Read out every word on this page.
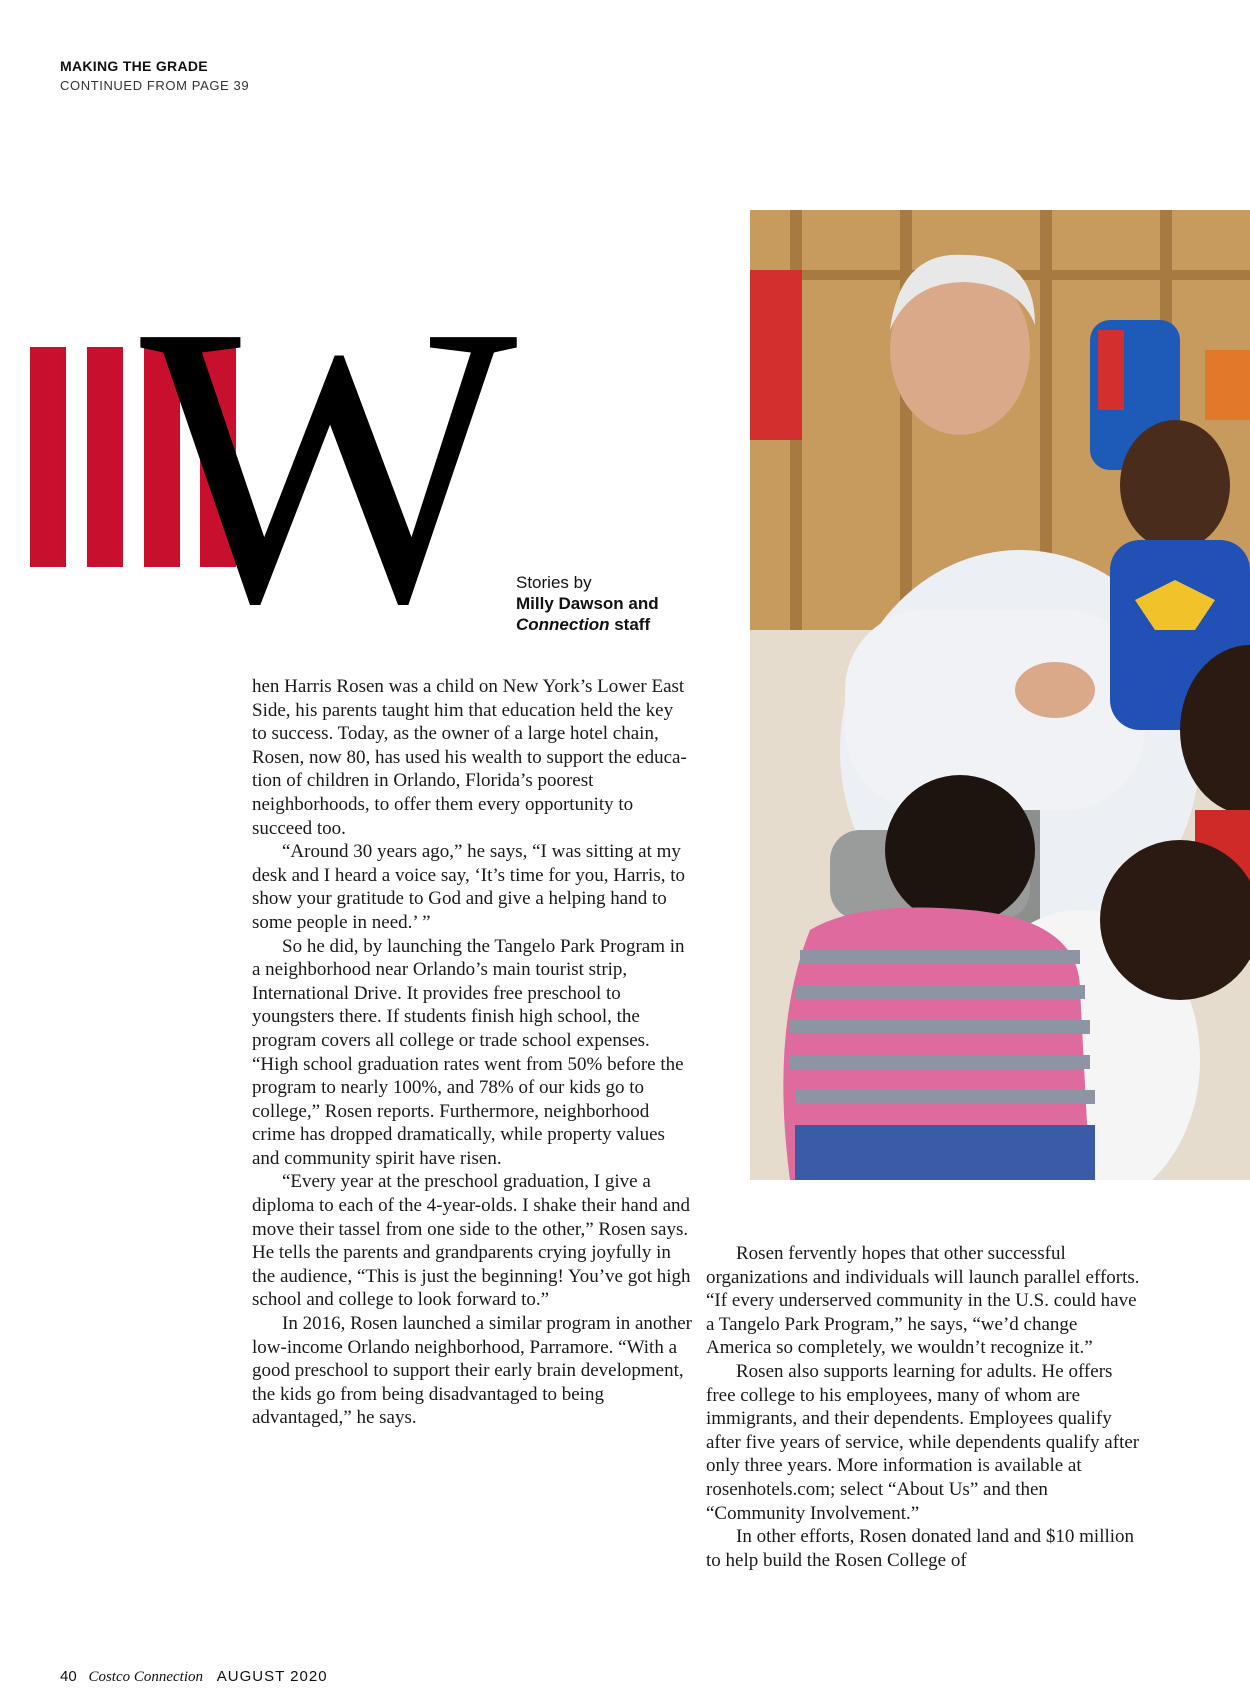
MAKING THE GRADE
CONTINUED FROM PAGE 39
W
Stories by
Milly Dawson and
Connection staff

hen Harris Rosen was a child on New York’s Lower East Side, his parents taught him that education held the key to success. Today, as the owner of a large hotel chain, Rosen, now 80, has used his wealth to support the educa-tion of children in Orlando, Florida’s poorest neighborhoods, to offer them every opportunity to succeed too.

“Around 30 years ago,” he says, “I was sitting at my desk and I heard a voice say, ‘It’s time for you, Harris, to show your gratitude to God and give a helping hand to some people in need.’ ”

So he did, by launching the Tangelo Park Program in a neighborhood near Orlando’s main tourist strip, International Drive. It provides free preschool to youngsters there. If students finish high school, the program covers all college or trade school expenses. “High school graduation rates went from 50% before the program to nearly 100%, and 78% of our kids go to college,” Rosen reports. Furthermore, neighborhood crime has dropped dramatically, while property values and community spirit have risen.

“Every year at the preschool graduation, I give a diploma to each of the 4-year-olds. I shake their hand and move their tassel from one side to the other,” Rosen says. He tells the parents and grandparents crying joyfully in the audience, “This is just the beginning! You’ve got high school and college to look forward to.”

In 2016, Rosen launched a similar program in another low-income Orlando neighborhood, Parramore. “With a good preschool to support their early brain development, the kids go from being disadvantaged to being advantaged,” he says.

Rosen fervently hopes that other successful organizations and individuals will launch parallel efforts. “If every underserved community in the U.S. could have a Tangelo Park Program,” he says, “we’d change America so completely, we wouldn’t recognize it.”

Rosen also supports learning for adults. He offers free college to his employees, many of whom are immigrants, and their dependents. Employees qualify after five years of service, while dependents qualify after only three years. More information is available at rosenhotels.com; select “About Us” and then “Community Involvement.”

In other efforts, Rosen donated land and $10 million to help build the Rosen College of

40 Costco Connection AUGUST 2020
